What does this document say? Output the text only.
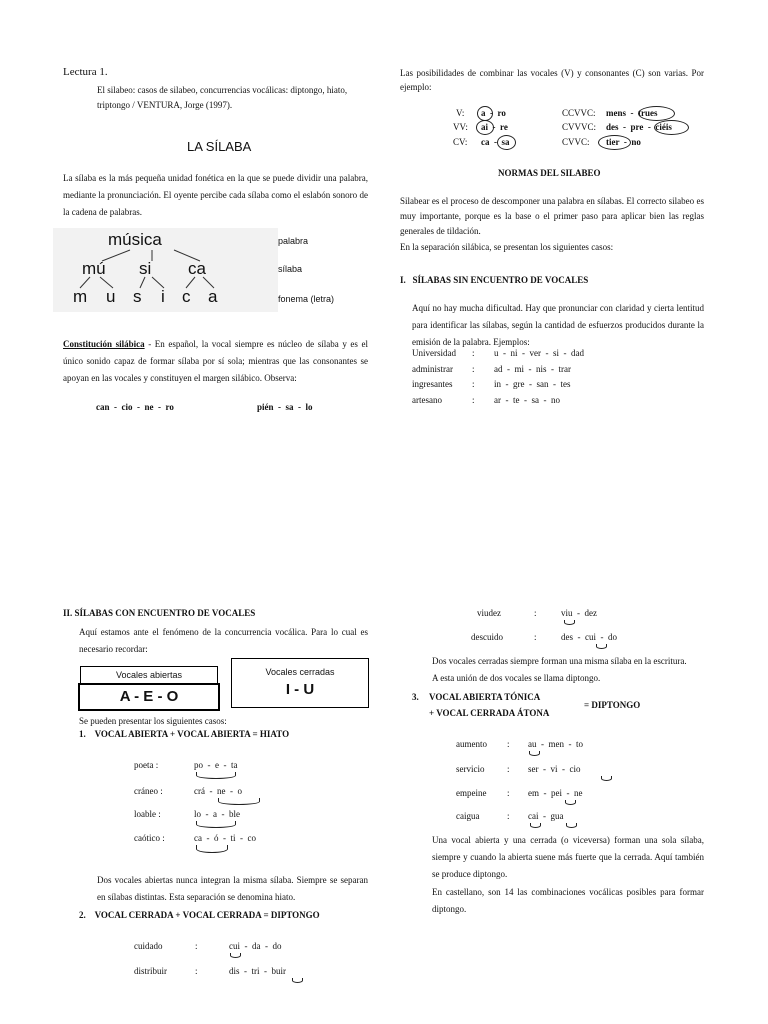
Lectura 1.
El silabeo: casos de silabeo, concurrencias vocálicas: diptongo, hiato,
triptongo / VENTURA, Jorge (1997).
LA SÍLABA
La sílaba es la más pequeña unidad fonética en la que se puede dividir una palabra, mediante la pronunciación. El oyente percibe cada sílaba como el eslabón sonoro de la cadena de palabras.
música
mú si ca
m u s i c a
palabra
sílaba
fonema (letra)
Constitución silábica - En español, la vocal siempre es núcleo de sílaba y es el único sonido capaz de formar sílaba por sí sola; mientras que las consonantes se apoyan en las vocales y constituyen el margen silábico. Observa:
can  -  cio  -  ne  -  ro	pién  -  sa  -  lo
II. SÍLABAS CON ENCUENTRO DE VOCALES
Aquí estamos ante el fenómeno de la concurrencia vocálica. Para lo cual es necesario recordar:
Vocales abiertas
A - E - O
Vocales cerradas
I - U
Se pueden presentar los siguientes casos:
1.    VOCAL ABIERTA + VOCAL ABIERTA = HIATO
poeta :	po  -  e  -  ta
cráneo :	crá  -  ne  -  o
loable :	lo  -  a  -  ble
caótico :	ca  -  ó  -  ti  -  co
Dos vocales abiertas nunca integran la misma sílaba. Siempre se separan en sílabas distintas. Esta separación se denomina hiato.
2.    VOCAL CERRADA + VOCAL CERRADA = DIPTONGO
cuidado	:	cui  -  da  -  do
distribuir	:	dis  -  tri  -  buir
Las posibilidades de combinar las vocales (V) y consonantes (C) son varias. Por ejemplo:
V: a  -  ro	CCVVC: mens  -  trues
VV: ai  -  re	CVVVC: des  -  pre  -  ciéis
CV: ca  -  sa	CVVC: tier  -  no
NORMAS DEL SILABEO
Silabear es el proceso de descomponer una palabra en sílabas. El correcto silabeo es muy importante, porque es la base o el primer paso para aplicar bien las reglas generales de tildación.
En la separación silábica, se presentan los siguientes casos:
I.   SÍLABAS SIN ENCUENTRO DE VOCALES
Aquí no hay mucha dificultad. Hay que pronunciar con claridad y cierta lentitud para identificar las sílabas, según la cantidad de esfuerzos producidos durante la emisión de la palabra. Ejemplos:
Universidad : u  -  ni  -  ver  -  si  -  dad
administrar : ad  -  mi  -  nis  -  trar
ingresantes : in  -  gre  -  san  -  tes
artesano	: ar  -  te  -  sa  -  no
viudez	:	viu  -  dez
descuido	:	des  -  cui  -  do
Dos vocales cerradas siempre forman una misma sílaba en la escritura.
A esta unión de dos vocales se llama diptongo.
3. VOCAL ABIERTA TÓNICA
+ VOCAL CERRADA ÁTONA
= DIPTONGO
aumento : au  -  men  -  to
servicio	: ser  -  vi  -  cio
empeine : em  -  pei  -  ne
caigua	: cai  -  gua
Una vocal abierta y una cerrada (o viceversa) forman una sola sílaba, siempre y cuando la abierta suene más fuerte que la cerrada. Aquí también se produce diptongo.
En castellano, son 14 las combinaciones vocálicas posibles para formar diptongo.
